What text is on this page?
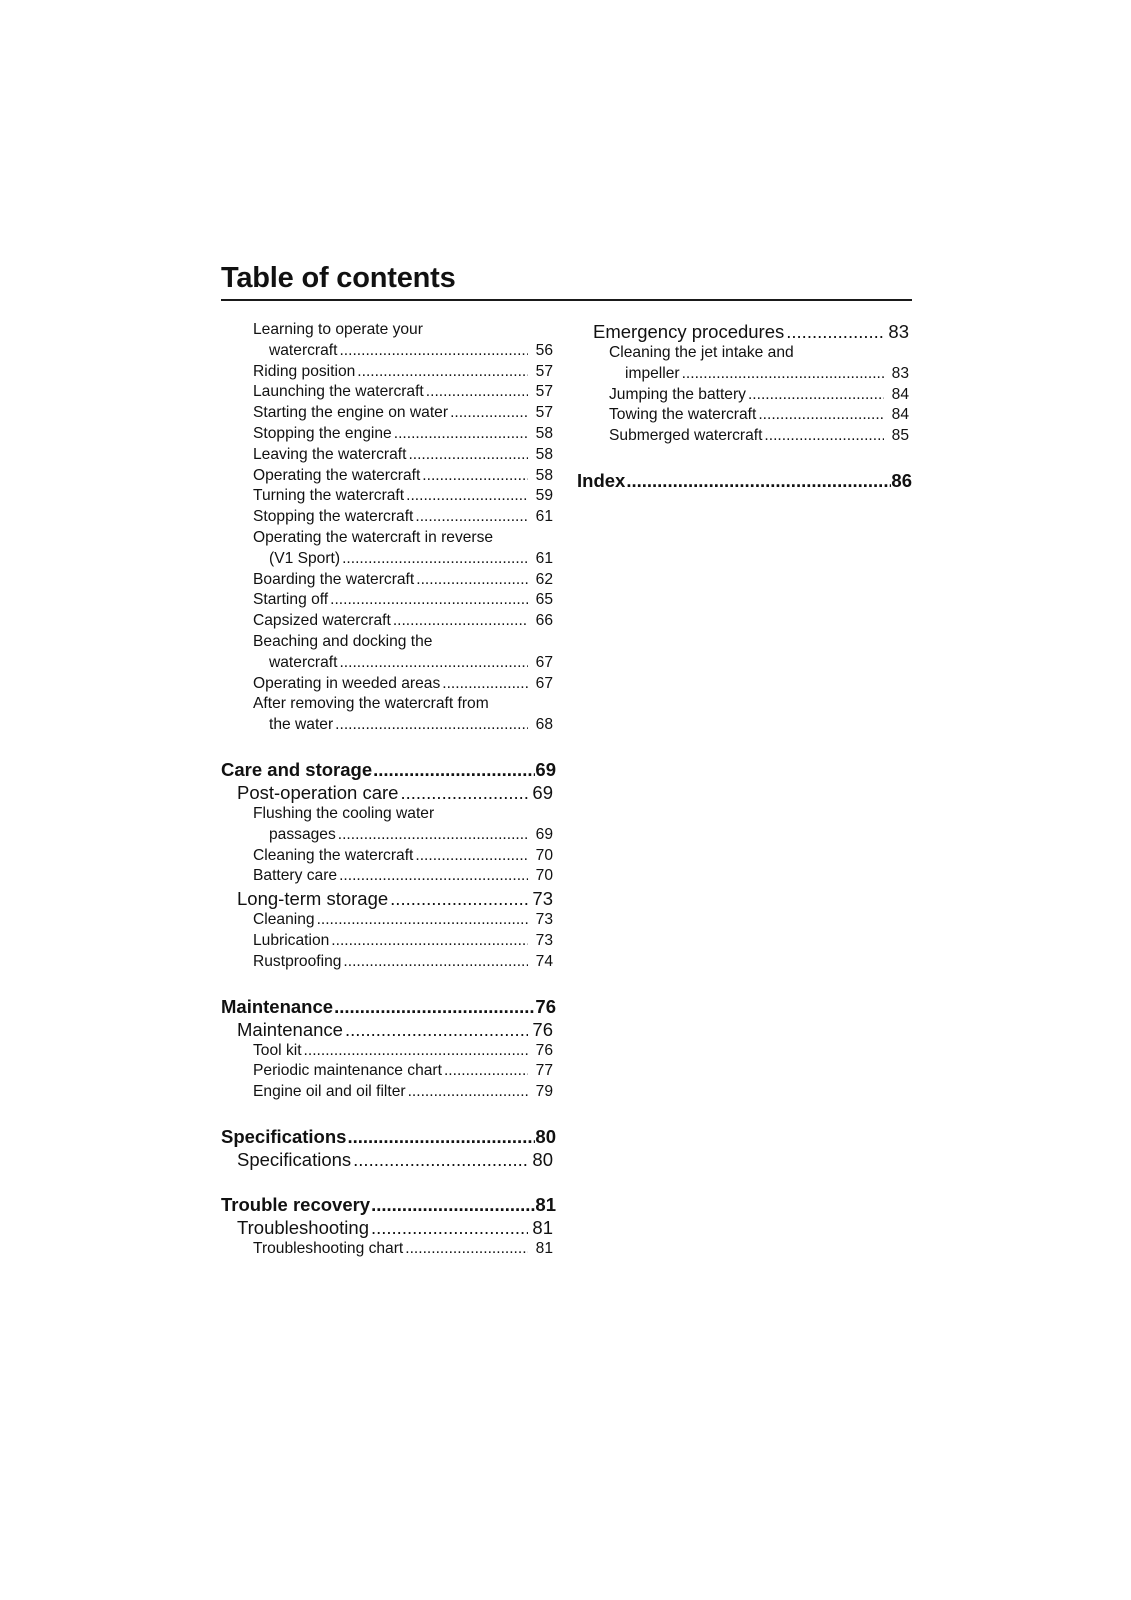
Table of contents
Learning to operate your
watercraft .....	56
Riding position .....	57
Launching the watercraft .....	57
Starting the engine on water .....	57
Stopping the engine .....	58
Leaving the watercraft .....	58
Operating the watercraft .....	58
Turning the watercraft .....	59
Stopping the watercraft .....	61
Operating the watercraft in reverse
(V1 Sport) .....	61
Boarding the watercraft .....	62
Starting off .....	65
Capsized watercraft .....	66
Beaching and docking the
watercraft .....	67
Operating in weeded areas .....	67
After removing the watercraft from
the water .....	68
Care and storage .....	69
Post-operation care .....	69
Flushing the cooling water
passages .....	69
Cleaning the watercraft .....	70
Battery care .....	70
Long-term storage .....	73
Cleaning .....	73
Lubrication .....	73
Rustproofing .....	74
Maintenance .....	76
Maintenance .....	76
Tool kit .....	76
Periodic maintenance chart .....	77
Engine oil and oil filter .....	79
Specifications .....	80
Specifications .....	80
Trouble recovery .....	81
Troubleshooting .....	81
Troubleshooting chart .....	81
Emergency procedures .....	83
Cleaning the jet intake and
impeller .....	83
Jumping the battery .....	84
Towing the watercraft .....	84
Submerged watercraft .....	85
Index .....	86
